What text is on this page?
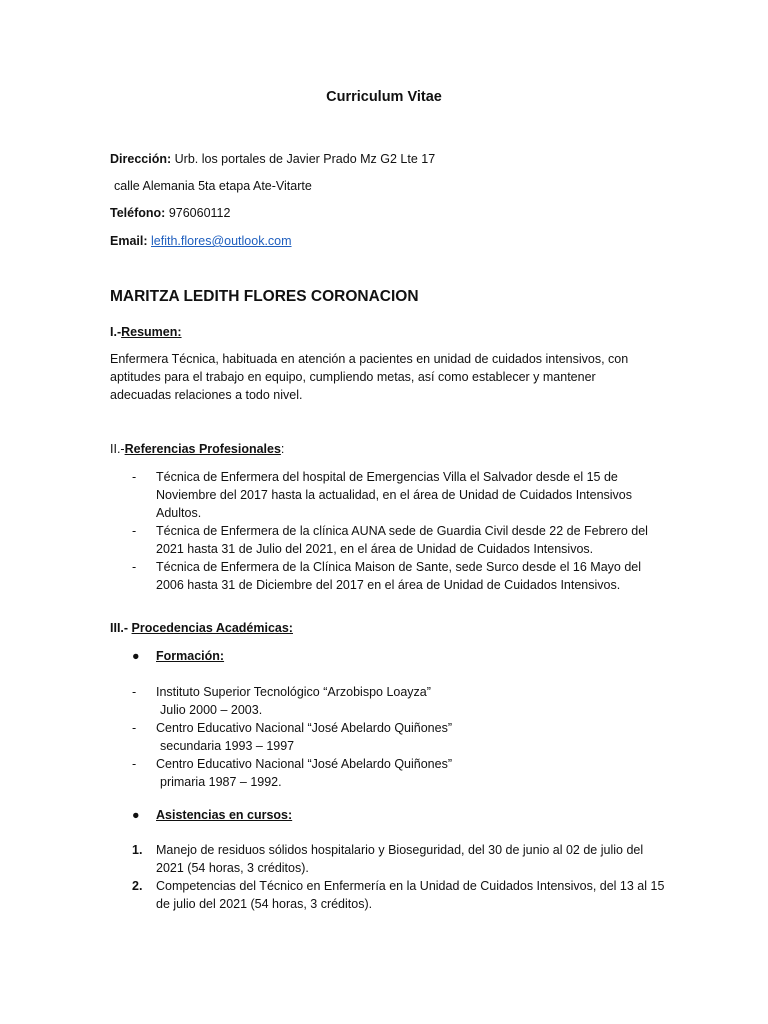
Curriculum Vitae
Dirección: Urb. los portales de Javier Prado Mz G2 Lte 17
calle Alemania 5ta etapa Ate-Vitarte
Teléfono: 976060112
Email: lefith.flores@outlook.com
MARITZA LEDITH FLORES CORONACION
I.-Resumen:
Enfermera Técnica, habituada en atención a pacientes en unidad de cuidados intensivos, con aptitudes para el trabajo en equipo, cumpliendo metas, así como establecer y mantener adecuadas relaciones a todo nivel.
II.-Referencias Profesionales:
- Técnica de Enfermera del hospital de Emergencias Villa el Salvador desde el 15 de Noviembre del 2017 hasta la actualidad, en el área de Unidad de Cuidados Intensivos Adultos.
- Técnica de Enfermera de la clínica AUNA sede de Guardia Civil desde 22 de Febrero del 2021 hasta 31 de Julio del 2021, en el área de Unidad de Cuidados Intensivos.
- Técnica de Enfermera de la Clínica Maison de Sante, sede Surco desde el 16 Mayo del 2006 hasta 31 de Diciembre del 2017 en el área de Unidad de Cuidados Intensivos.
III.- Procedencias Académicas:
● Formación:
- Instituto Superior Tecnológico “Arzobispo Loayza”
Julio 2000 – 2003.
- Centro Educativo Nacional “José Abelardo Quiñones”
secundaria 1993 – 1997
- Centro Educativo Nacional “José Abelardo Quiñones”
primaria 1987 – 1992.
● Asistencias en cursos:
1. Manejo de residuos sólidos hospitalario y Bioseguridad, del 30 de junio al 02 de julio del 2021 (54 horas, 3 créditos).
2. Competencias del Técnico en Enfermería en la Unidad de Cuidados Intensivos, del 13 al 15 de julio del 2021 (54 horas, 3 créditos).
